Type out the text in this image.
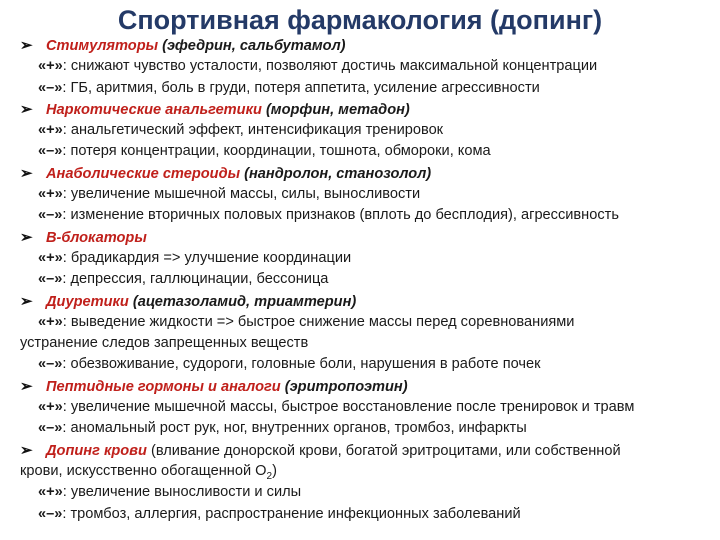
Спортивная фармакология (допинг)
➢ Стимуляторы (эфедрин, сальбутамол)
«+»: снижают чувство усталости, позволяют достичь максимальной концентрации
«–»: ГБ, аритмия, боль в груди, потеря аппетита, усиление агрессивности
➢ Наркотические анальгетики (морфин, метадон)
«+»: анальгетический эффект, интенсификация тренировок
«–»: потеря концентрации, координации, тошнота, обмороки, кома
➢ Анаболические стероиды (нандролон, станозолол)
«+»: увеличение мышечной массы, силы, выносливости
«–»: изменение вторичных половых признаков (вплоть до бесплодия), агрессивность
➢ B-блокаторы
«+»: брадикардия => улучшение координации
«–»: депрессия, галлюцинации, бессоница
➢ Диуретики (ацетазоламид, триамтерин)
«+»: выведение жидкости => быстрое снижение массы перед соревнованиями
устранение следов запрещенных веществ
«–»: обезвоживание, судороги, головные боли, нарушения в работе почек
➢ Пептидные гормоны и аналоги (эритропоэтин)
«+»: увеличение мышечной массы, быстрое восстановление после тренировок и травм
«–»: аномальный рост рук, ног, внутренних органов, тромбоз, инфаркты
➢ Допинг крови (вливание донорской крови, богатой эритроцитами, или собственной
крови, искусственно обогащенной $O_2$)
«+»: увеличение выносливости и силы
«–»: тромбоз, аллергия, распространение инфекционных заболеваний
